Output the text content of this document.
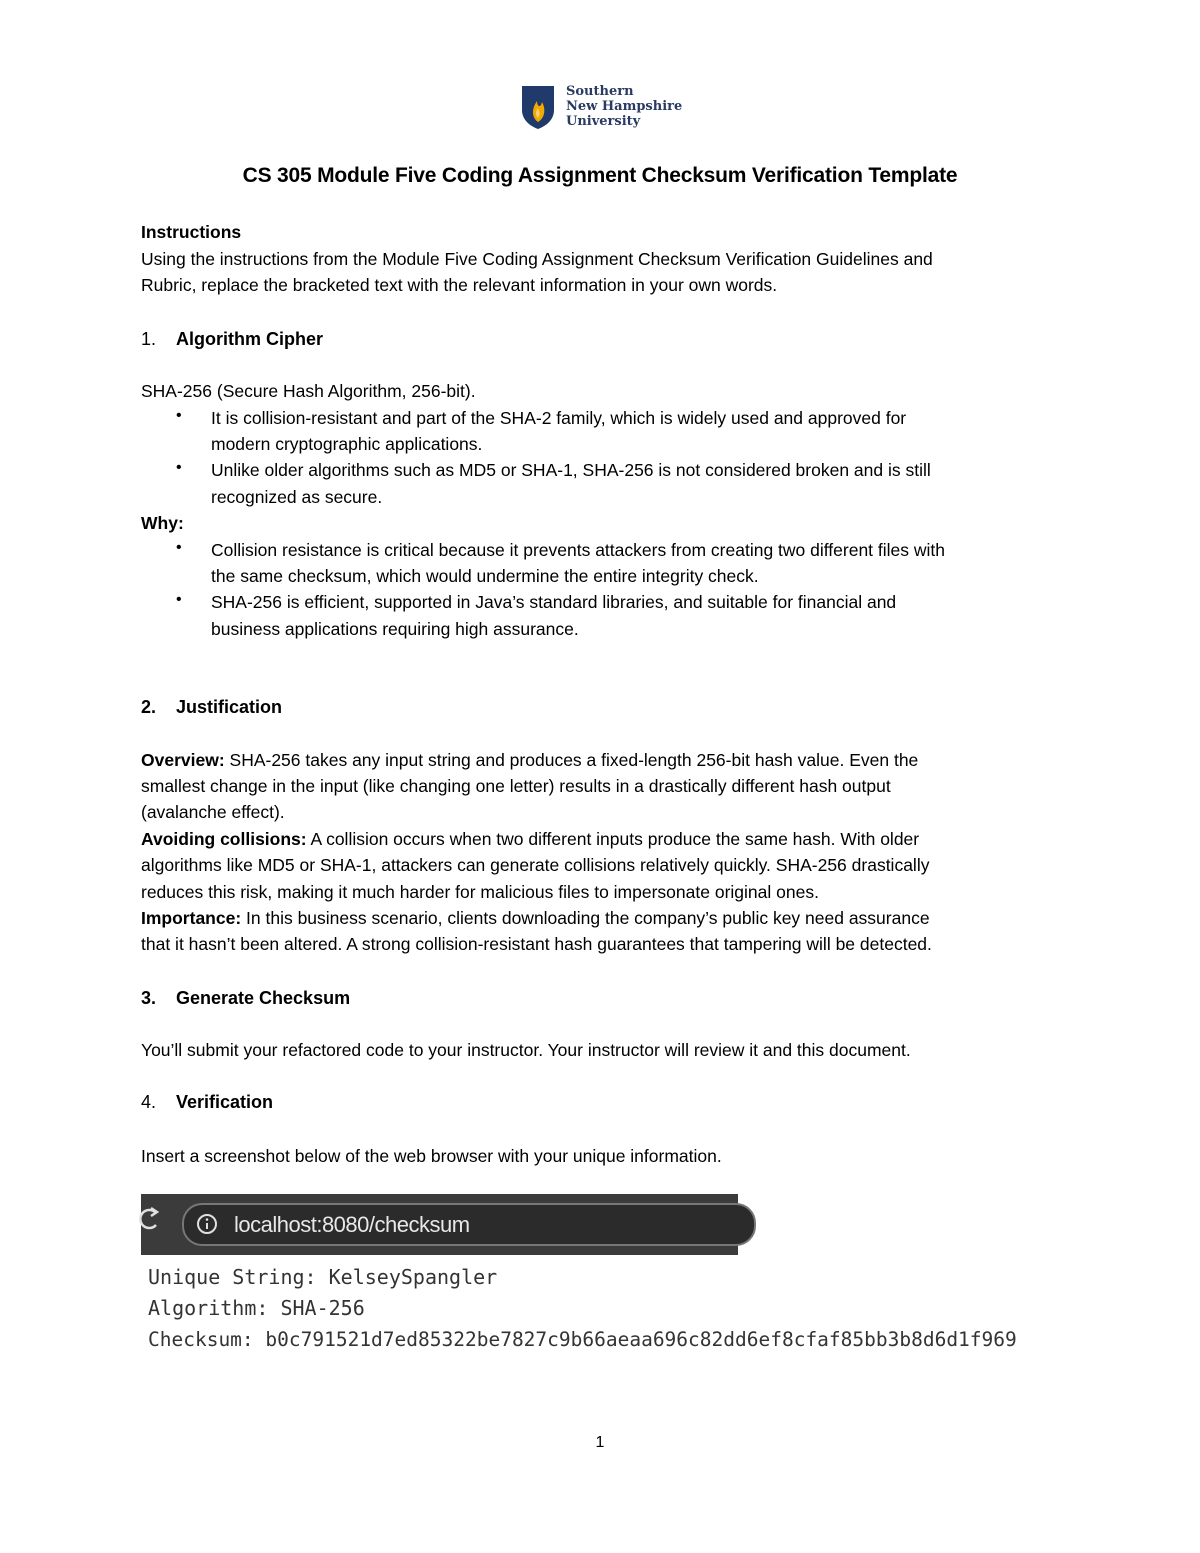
Southern
New Hampshire
University
CS 305 Module Five Coding Assignment Checksum Verification Template
Instructions
Using the instructions from the Module Five Coding Assignment Checksum Verification Guidelines and
Rubric, replace the bracketed text with the relevant information in your own words.
1. Algorithm Cipher
SHA-256 (Secure Hash Algorithm, 256-bit).
• It is collision-resistant and part of the SHA-2 family, which is widely used and approved for
modern cryptographic applications.
• Unlike older algorithms such as MD5 or SHA-1, SHA-256 is not considered broken and is still
recognized as secure.
Why:
• Collision resistance is critical because it prevents attackers from creating two different files with
the same checksum, which would undermine the entire integrity check.
• SHA-256 is efficient, supported in Java’s standard libraries, and suitable for financial and
business applications requiring high assurance.
2. Justification
Overview: SHA-256 takes any input string and produces a fixed-length 256-bit hash value. Even the
smallest change in the input (like changing one letter) results in a drastically different hash output
(avalanche effect).
Avoiding collisions: A collision occurs when two different inputs produce the same hash. With older
algorithms like MD5 or SHA-1, attackers can generate collisions relatively quickly. SHA-256 drastically
reduces this risk, making it much harder for malicious files to impersonate original ones.
Importance: In this business scenario, clients downloading the company’s public key need assurance
that it hasn’t been altered. A strong collision-resistant hash guarantees that tampering will be detected.
3. Generate Checksum
You’ll submit your refactored code to your instructor. Your instructor will review it and this document.
4. Verification
Insert a screenshot below of the web browser with your unique information.
localhost:8080/checksum
Unique String: KelseySpangler
Algorithm: SHA-256
Checksum: b0c791521d7ed85322be7827c9b66aeaa696c82dd6ef8cfaf85bb3b8d6d1f969
1
